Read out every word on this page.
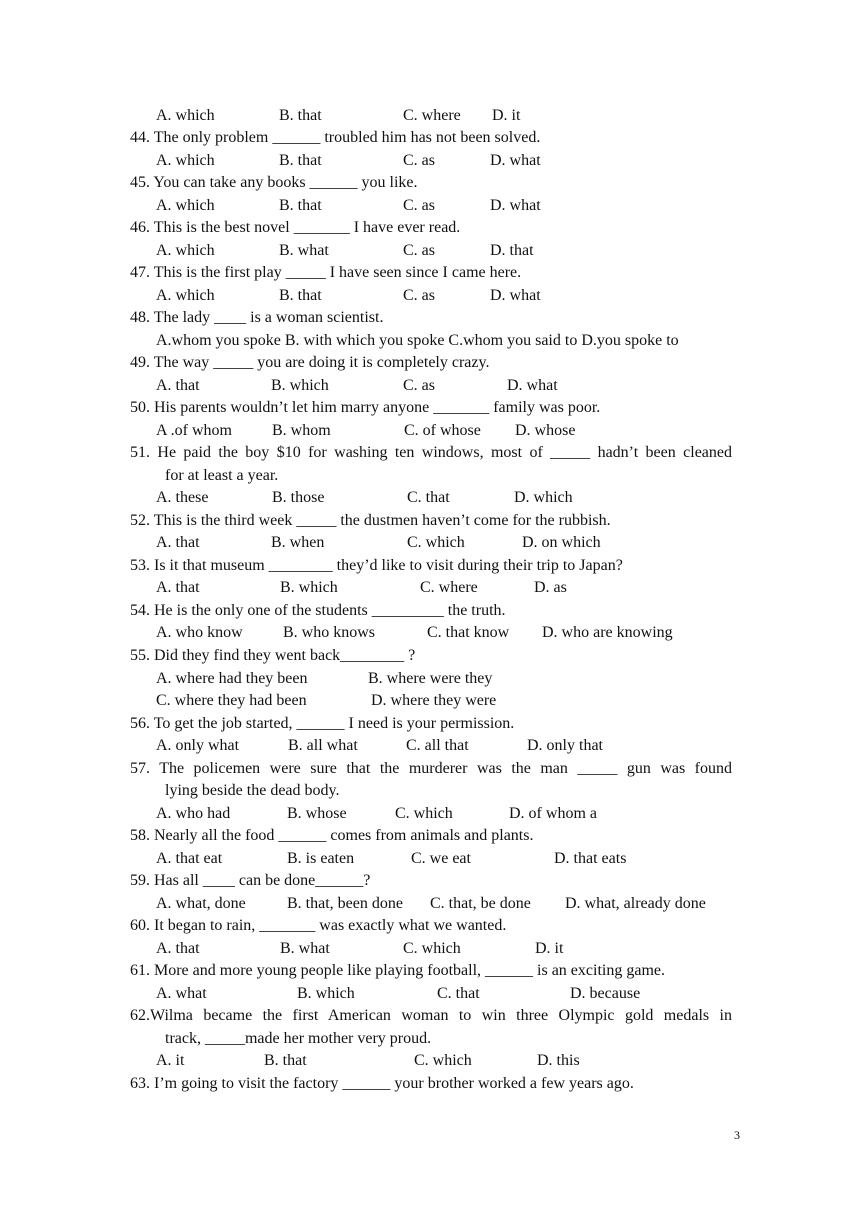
A. which	B. that	C. where D. it
44. The only problem ______ troubled him has not been solved.
A. which	B. that	C. as	D. what
45. You can take any books ______ you like.
A. which	B. that	C. as	D. what
46. This is the best novel _______ I have ever read.
A. which	B. what	C. as	D. that
47. This is the first play _____ I have seen since I came here.
A. which	B. that	C. as	D. what
48. The lady ____ is a woman scientist.
A.whom you spoke B. with which you spoke C.whom you said to D.you spoke to
49. The way _____ you are doing it is completely crazy.
A. that	B. which	C. as	D. what
50. His parents wouldn’t let him marry anyone _______ family was poor.
A .of whom	B. whom	C. of whose D. whose
51. He paid the boy $10 for washing ten windows, most of _____ hadn’t been cleaned
for at least a year.
A. these	B. those	C. that	D. which
52. This is the third week _____ the dustmen haven’t come for the rubbish.
A. that	B. when	C. which	D. on which
53. Is it that museum ________ they’d like to visit during their trip to Japan?
A. that	B. which	C. where	D. as
54. He is the only one of the students _________ the truth.
A. who know	B. who knows	C. that know D. who are knowing
55. Did they find they went back________ ?
A. where had they been	B. where were they
C. where they had been	D. where they were
56. To get the job started, ______ I need is your permission.
A. only what	B. all what	C. all that	D. only that
57. The policemen were sure that the murderer was the man _____ gun was found
lying beside the dead body.
A. who had	B. whose	C. which	D. of whom a
58. Nearly all the food ______ comes from animals and plants.
A. that eat	B. is eaten	C. we eat	D. that eats
59. Has all ____ can be done______?
A. what, done	B. that, been done C. that, be done D. what, already done
60. It began to rain, _______ was exactly what we wanted.
A. that	B. what	C. which	D. it
61. More and more young people like playing football, ______ is an exciting game.
A. what	B. which	C. that	D. because
62.Wilma became the first American woman to win three Olympic gold medals in
track, _____made her mother very proud.
A. it	B. that	C. which	D. this
63. I’m going to visit the factory ______ your brother worked a few years ago.
3
